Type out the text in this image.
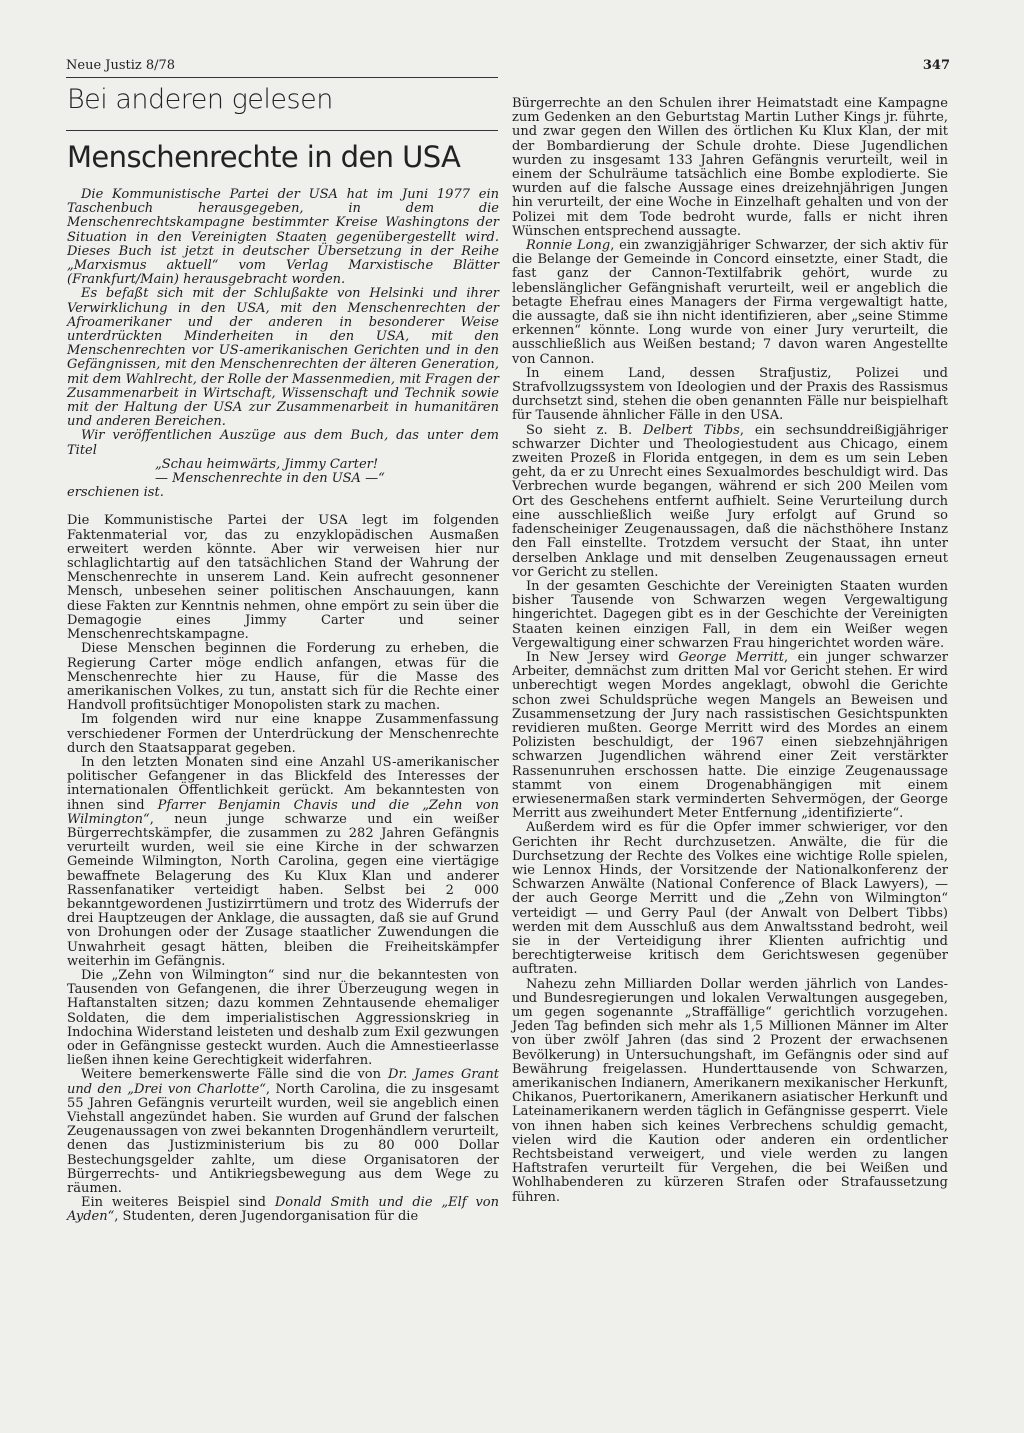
Neue Justiz 8/78	347
Bei anderen gelesen
Menschenrechte in den USA

Die Kommunistische Partei der USA hat im Juni 1977 ein Taschenbuch herausgegeben, in dem die Menschenrechtskampagne bestimmter Kreise Washingtons der Situation in den Vereinigten Staaten gegenübergestellt wird. Dieses Buch ist jetzt in deutscher Übersetzung in der Reihe „Marxismus aktuell“ vom Verlag Marxistische Blätter (Frankfurt/Main) herausgebracht worden.

Es befaßt sich mit der Schlußakte von Helsinki und ihrer Verwirklichung in den USA, mit den Menschenrechten der Afroamerikaner und der anderen in besonderer Weise unterdrückten Minderheiten in den USA, mit den Menschenrechten vor US-amerikanischen Gerichten und in den Gefängnissen, mit den Menschenrechten der älteren Generation, mit dem Wahlrecht, der Rolle der Massenmedien, mit Fragen der Zusammenarbeit in Wirtschaft, Wissenschaft und Technik sowie mit der Haltung der USA zur Zusammenarbeit in humanitären und anderen Bereichen.

Wir veröffentlichen Auszüge aus dem Buch, das unter dem Titel

„Schau heimwärts, Jimmy Carter!
— Menschenrechte in den USA —“

erschienen ist.

Die Kommunistische Partei der USA legt im folgenden Faktenmaterial vor, das zu enzyklopädischen Ausmaßen erweitert werden könnte. Aber wir verweisen hier nur schlaglichtartig auf den tatsächlichen Stand der Wahrung der Menschenrechte in unserem Land. Kein aufrecht gesonnener Mensch, unbesehen seiner politischen Anschauungen, kann diese Fakten zur Kenntnis nehmen, ohne empört zu sein über die Demagogie eines Jimmy Carter und seiner Menschenrechtskampagne.

Diese Menschen beginnen die Forderung zu erheben, die Regierung Carter möge endlich anfangen, etwas für die Menschenrechte hier zu Hause, für die Masse des amerikanischen Volkes, zu tun, anstatt sich für die Rechte einer Handvoll profitsüchtiger Monopolisten stark zu machen.

Im folgenden wird nur eine knappe Zusammenfassung verschiedener Formen der Unterdrückung der Menschenrechte durch den Staatsapparat gegeben.

In den letzten Monaten sind eine Anzahl US-amerikanischer politischer Gefangener in das Blickfeld des Interesses der internationalen Öffentlichkeit gerückt. Am bekanntesten von ihnen sind Pfarrer Benjamin Chavis und die „Zehn von Wilmington“, neun junge schwarze und ein weißer Bürgerrechtskämpfer, die zusammen zu 282 Jahren Gefängnis verurteilt wurden, weil sie eine Kirche in der schwarzen Gemeinde Wilmington, North Carolina, gegen eine viertägige bewaffnete Belagerung des Ku Klux Klan und anderer Rassenfanatiker verteidigt haben. Selbst bei 2 000 bekanntgewordenen Justizirrtümern und trotz des Widerrufs der drei Hauptzeugen der Anklage, die aussagten, daß sie auf Grund von Drohungen oder der Zusage staatlicher Zuwendungen die Unwahrheit gesagt hätten, bleiben die Freiheitskämpfer weiterhin im Gefängnis.

Die „Zehn von Wilmington“ sind nur die bekanntesten von Tausenden von Gefangenen, die ihrer Überzeugung wegen in Haftanstalten sitzen; dazu kommen Zehntausende ehemaliger Soldaten, die dem imperialistischen Aggressionskrieg in Indochina Widerstand leisteten und deshalb zum Exil gezwungen oder in Gefängnisse gesteckt wurden. Auch die Amnestieerlasse ließen ihnen keine Gerechtigkeit widerfahren.

Weitere bemerkenswerte Fälle sind die von Dr. James Grant und den „Drei von Charlotte“, North Carolina, die zu insgesamt 55 Jahren Gefängnis verurteilt wurden, weil sie angeblich einen Viehstall angezündet haben. Sie wurden auf Grund der falschen Zeugenaussagen von zwei bekannten Drogenhändlern verurteilt, denen das Justizministerium bis zu 80 000 Dollar Bestechungsgelder zahlte, um diese Organisatoren der Bürgerrechts- und Antikriegsbewegung aus dem Wege zu räumen.

Ein weiteres Beispiel sind Donald Smith und die „Elf von Ayden“, Studenten, deren Jugendorganisation für die

Bürgerrechte an den Schulen ihrer Heimatstadt eine Kampagne zum Gedenken an den Geburtstag Martin Luther Kings jr. führte, und zwar gegen den Willen des örtlichen Ku Klux Klan, der mit der Bombardierung der Schule drohte. Diese Jugendlichen wurden zu insgesamt 133 Jahren Gefängnis verurteilt, weil in einem der Schulräume tatsächlich eine Bombe explodierte. Sie wurden auf die falsche Aussage eines dreizehnjährigen Jungen hin verurteilt, der eine Woche in Einzelhaft gehalten und von der Polizei mit dem Tode bedroht wurde, falls er nicht ihren Wünschen entsprechend aussagte.

Ronnie Long, ein zwanzigjähriger Schwarzer, der sich aktiv für die Belange der Gemeinde in Concord einsetzte, einer Stadt, die fast ganz der Cannon-Textilfabrik gehört, wurde zu lebenslänglicher Gefängnishaft verurteilt, weil er angeblich die betagte Ehefrau eines Managers der Firma vergewaltigt hatte, die aussagte, daß sie ihn nicht identifizieren, aber „seine Stimme erkennen“ könnte. Long wurde von einer Jury verurteilt, die ausschließlich aus Weißen bestand; 7 davon waren Angestellte von Cannon.

In einem Land, dessen Strafjustiz, Polizei und Strafvollzugssystem von Ideologien und der Praxis des Rassismus durchsetzt sind, stehen die oben genannten Fälle nur beispielhaft für Tausende ähnlicher Fälle in den USA.

So sieht z. B. Delbert Tibbs, ein sechsunddreißigjähriger schwarzer Dichter und Theologiestudent aus Chicago, einem zweiten Prozeß in Florida entgegen, in dem es um sein Leben geht, da er zu Unrecht eines Sexualmordes beschuldigt wird. Das Verbrechen wurde begangen, während er sich 200 Meilen vom Ort des Geschehens entfernt aufhielt. Seine Verurteilung durch eine ausschließlich weiße Jury erfolgt auf Grund so fadenscheiniger Zeugenaussagen, daß die nächsthöhere Instanz den Fall einstellte. Trotzdem versucht der Staat, ihn unter derselben Anklage und mit denselben Zeugenaussagen erneut vor Gericht zu stellen.

In der gesamten Geschichte der Vereinigten Staaten wurden bisher Tausende von Schwarzen wegen Vergewaltigung hingerichtet. Dagegen gibt es in der Geschichte der Vereinigten Staaten keinen einzigen Fall, in dem ein Weißer wegen Vergewaltigung einer schwarzen Frau hingerichtet worden wäre.

In New Jersey wird George Merritt, ein junger schwarzer Arbeiter, demnächst zum dritten Mal vor Gericht stehen. Er wird unberechtigt wegen Mordes angeklagt, obwohl die Gerichte schon zwei Schuldsprüche wegen Mangels an Beweisen und Zusammensetzung der Jury nach rassistischen Gesichtspunkten revidieren mußten. George Merritt wird des Mordes an einem Polizisten beschuldigt, der 1967 einen siebzehnjährigen schwarzen Jugendlichen während einer Zeit verstärkter Rassenunruhen erschossen hatte. Die einzige Zeugenaussage stammt von einem Drogenabhängigen mit einem erwiesenermaßen stark verminderten Sehvermögen, der George Merritt aus zweihundert Meter Entfernung „identifizierte“.

Außerdem wird es für die Opfer immer schwieriger, vor den Gerichten ihr Recht durchzusetzen. Anwälte, die für die Durchsetzung der Rechte des Volkes eine wichtige Rolle spielen, wie Lennox Hinds, der Vorsitzende der Nationalkonferenz der Schwarzen Anwälte (National Conference of Black Lawyers), — der auch George Merritt und die „Zehn von Wilmington“ verteidigt — und Gerry Paul (der Anwalt von Delbert Tibbs) werden mit dem Ausschluß aus dem Anwaltsstand bedroht, weil sie in der Verteidigung ihrer Klienten aufrichtig und berechtigterweise kritisch dem Gerichtswesen gegenüber auftraten.

Nahezu zehn Milliarden Dollar werden jährlich von Landes- und Bundesregierungen und lokalen Verwaltungen ausgegeben, um gegen sogenannte „Straffällige“ gerichtlich vorzugehen. Jeden Tag befinden sich mehr als 1,5 Millionen Männer im Alter von über zwölf Jahren (das sind 2 Prozent der erwachsenen Bevölkerung) in Untersuchungshaft, im Gefängnis oder sind auf Bewährung freigelassen. Hunderttausende von Schwarzen, amerikanischen Indianern, Amerikanern mexikanischer Herkunft, Chikanos, Puertorikanern, Amerikanern asiatischer Herkunft und Lateinamerikanern werden täglich in Gefängnisse gesperrt. Viele von ihnen haben sich keines Verbrechens schuldig gemacht, vielen wird die Kaution oder anderen ein ordentlicher Rechtsbeistand verweigert, und viele werden zu langen Haftstrafen verurteilt für Vergehen, die bei Weißen und Wohlhabenderen zu kürzeren Strafen oder Strafaussetzung führen.
